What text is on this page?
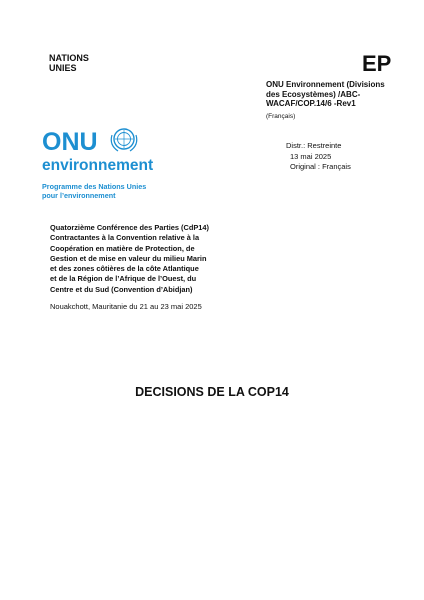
NATIONS
UNIES	EP
ONU Environnement (Divisions
des Ecosystèmes) /ABC-
WACAF/COP.14/6 -Rev1
(Français)
ONU
environnement
Programme des Nations Unies
pour l’environnement
Distr.: Restreinte
13 mai 2025
Original : Français
Quatorzième Conférence des Parties (CdP14)
Contractantes à la Convention relative à la
Coopération en matière de Protection, de
Gestion et de mise en valeur du milieu Marin
et des zones côtières de la côte Atlantique
et de la Région de l’Afrique de l’Ouest, du
Centre et du Sud (Convention d’Abidjan)
Nouakchott, Mauritanie du 21 au 23 mai 2025
DECISIONS DE LA COP14
